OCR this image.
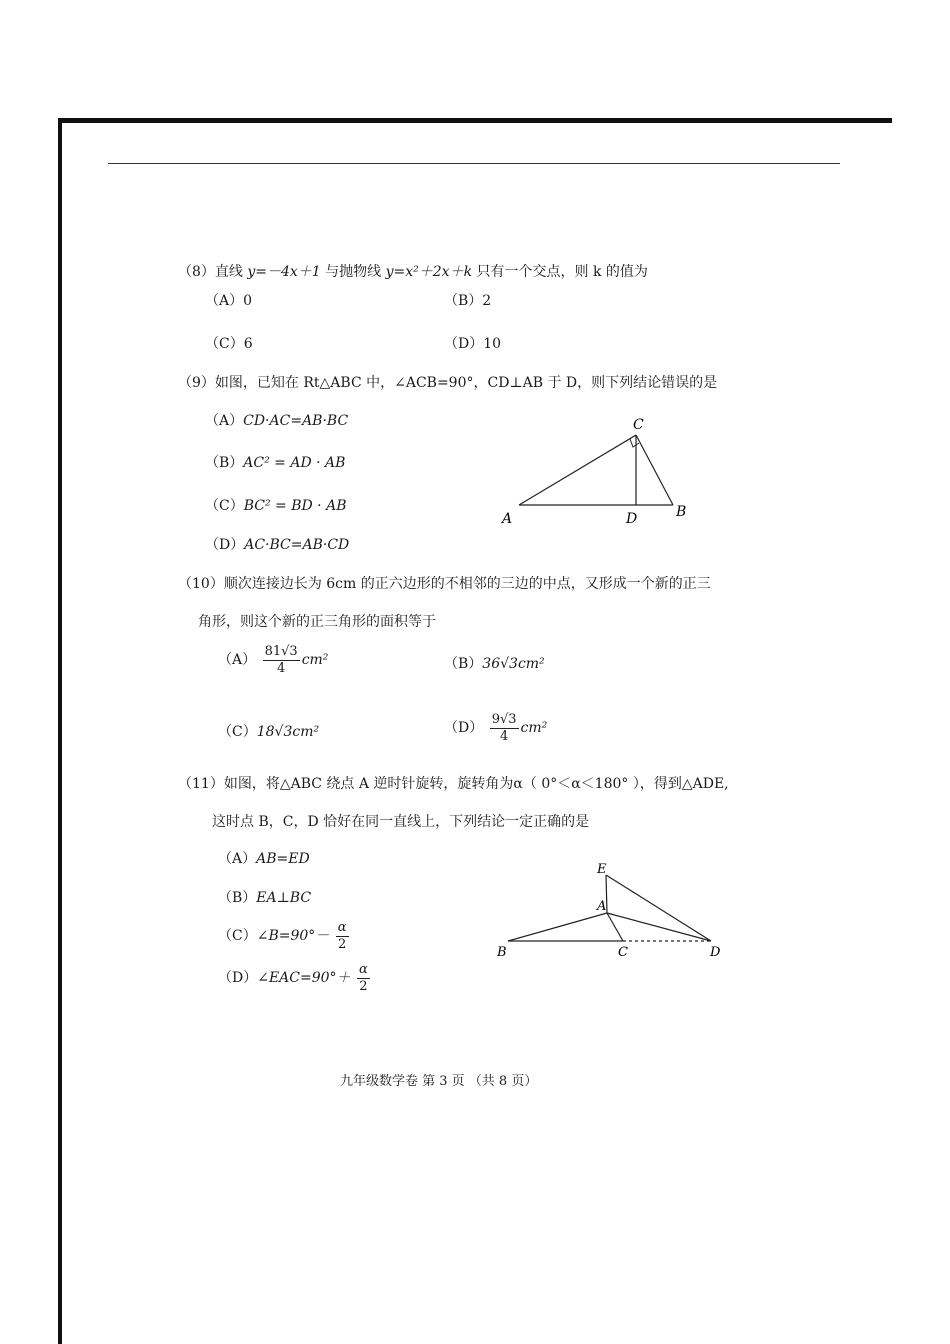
（8）直线 y=－4x＋1 与抛物线 y=x²＋2x＋k 只有一个交点，则 k 的值为
（A）0	（B）2
（C）6	（D）10
（9）如图，已知在 Rt△ABC 中，∠ACB=90°，CD⊥AB 于 D，则下列结论错误的是
（A）CD·AC=AB·BC
（B）AC² = AD · AB
（C）BC² = BD · AB
（D）AC·BC=AB·CD
A	B
C
D
（10）顺次连接边长为 6cm 的正六边形的不相邻的三边的中点，又形成一个新的正三
角形，则这个新的正三角形的面积等于
$(A) \frac{81√3}{4} cm^2$	（B）36√3cm²
（C）18√3cm²	$(D) \frac{9√3}{4} cm^2$
（11）如图，将△ABC 绕点 A 逆时针旋转，旋转角为α（ 0°＜α＜180° ），得到△ADE,
这时点 B，C，D 恰好在同一直线上，下列结论一定正确的是
（A）AB=ED
（B）EA⊥BC
（C）∠B=90°－ $\frac{\alpha}{2}$
（D）∠EAC=90°＋ $\frac{\alpha}{2}$
A
B	C	D
E
九年级数学卷 第 3 页 （共 8 页）
